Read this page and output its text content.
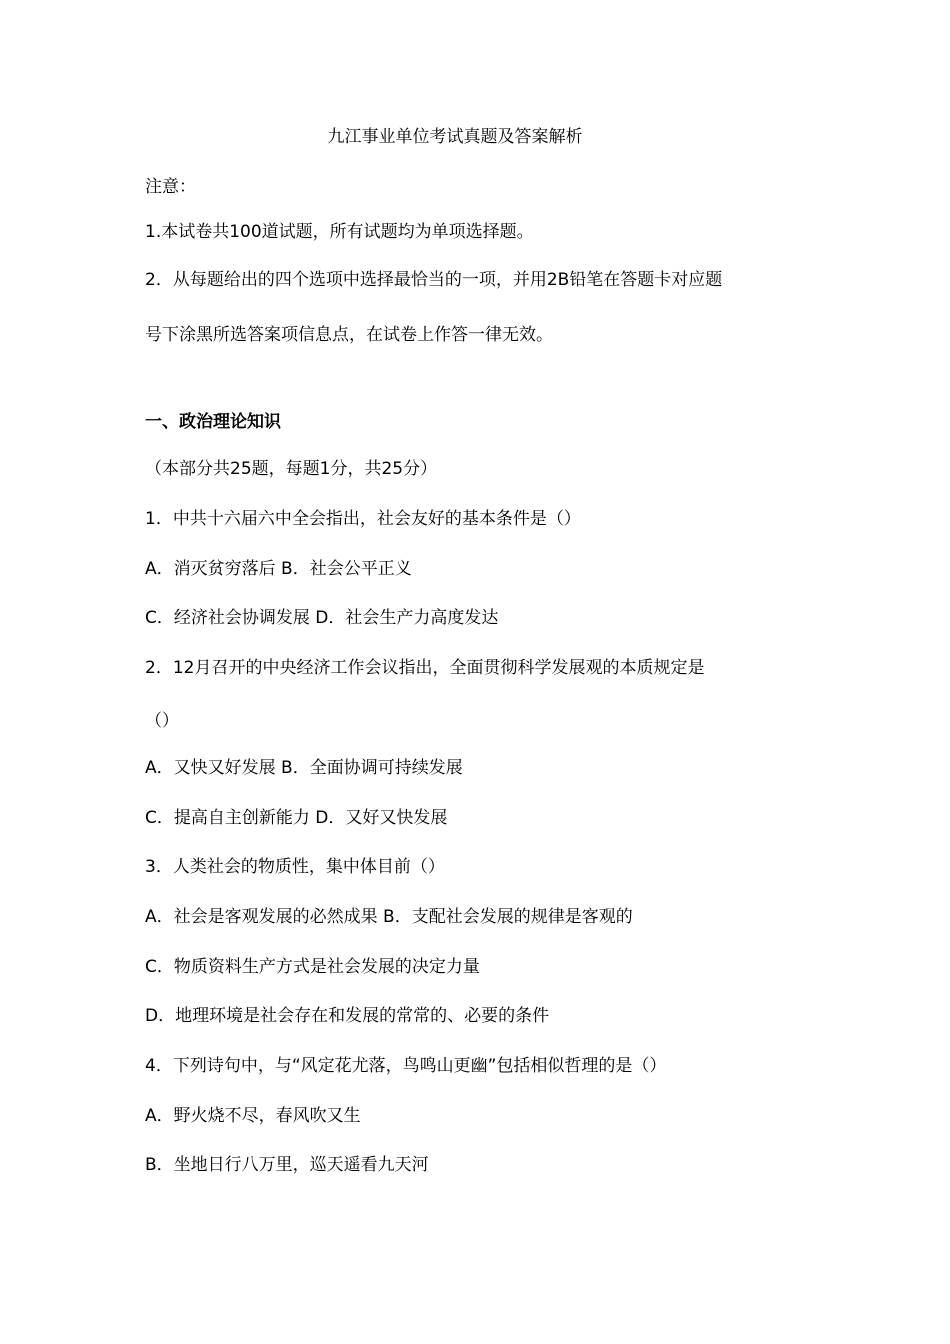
九江事业单位考试真题及答案解析
注意：
1.本试卷共100道试题，所有试题均为单项选择题。
2．从每题给出的四个选项中选择最恰当的一项，并用2B铅笔在答题卡对应题
号下涂黑所选答案项信息点，在试卷上作答一律无效。
一、政治理论知识
（本部分共25题，每题1分，共25分）
1．中共十六届六中全会指出，社会友好的基本条件是（）
A．消灭贫穷落后 B．社会公平正义
C．经济社会协调发展 D．社会生产力高度发达
2．12月召开的中央经济工作会议指出，全面贯彻科学发展观的本质规定是
（）
A．又快又好发展 B．全面协调可持续发展
C．提高自主创新能力 D．又好又快发展
3．人类社会的物质性，集中体目前（）
A．社会是客观发展的必然成果 B．支配社会发展的规律是客观的
C．物质资料生产方式是社会发展的决定力量
D．地理环境是社会存在和发展的常常的、必要的条件
4．下列诗句中，与“风定花尤落，鸟鸣山更幽”包括相似哲理的是（）
A．野火烧不尽，春风吹又生
B．坐地日行八万里，巡天遥看九天河
